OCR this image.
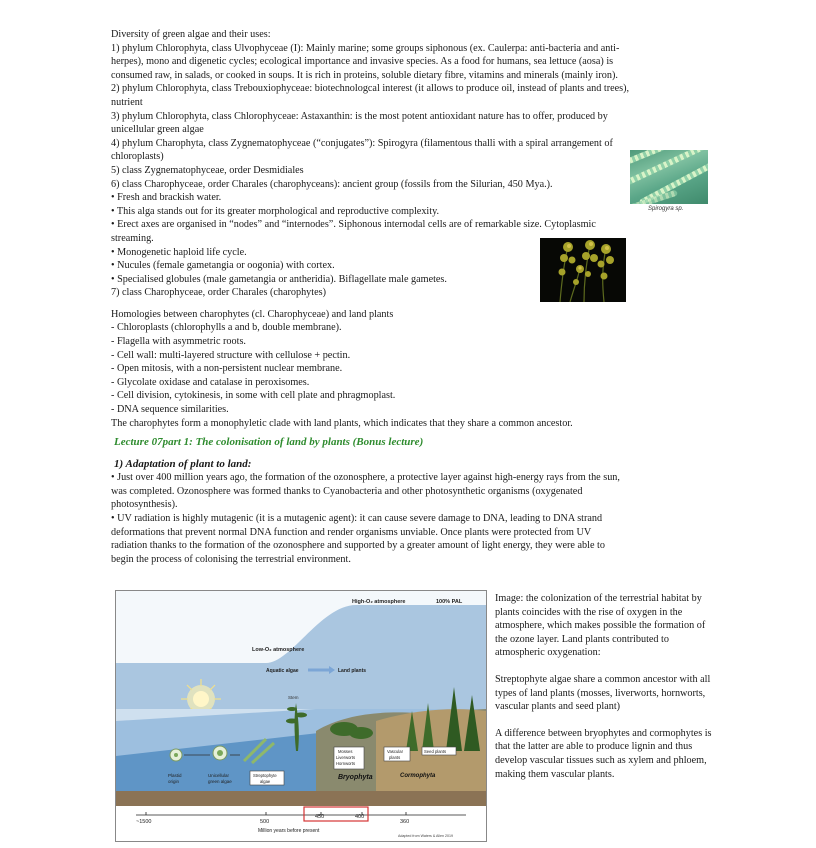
Diversity of green algae and their uses:

1) phylum Chlorophyta, class Ulvophyceae (I): Mainly marine; some groups siphonous (ex. Caulerpa: anti-bacteria and anti-

herpes), mono and digenetic cycles; ecological importance and invasive species. As a food for humans, sea lettuce (aosa) is

consumed raw, in salads, or cooked in soups. It is rich in proteins, soluble dietary fibre, vitamins and minerals (mainly iron).

2) phylum Chlorophyta, class Trebouxiophyceae: biotechnologcal interest (it allows to produce oil, instead of plants and trees),

nutrient

3) phylum Chlorophyta, class Chlorophyceae: Astaxanthin: is the most potent antioxidant nature has to offer, produced by

unicellular green algae

4) phylum Charophyta, class Zygnematophyceae (“conjugates”): Spirogyra (filamentous thalli with a spiral arrangement of

chloroplasts)

5) class Zygnematophyceae, order Desmidiales

6) class Charophyceae, order Charales (charophyceans): ancient group (fossils from the Silurian, 450 Mya.).

• Fresh and brackish water.

• This alga stands out for its greater morphological and reproductive complexity.

• Erect axes are organised in “nodes” and “internodes”. Siphonous internodal cells are of remarkable size. Cytoplasmic

streaming.

• Monogenetic haploid life cycle.

• Nucules (female gametangia or oogonia) with cortex.

• Specialised globules (male gametangia or antheridia). Biflagellate male gametes.

7) class Charophyceae, order Charales (charophytes)

Homologies between charophytes (cl. Charophyceae) and land plants

- Chloroplasts (chlorophylls a and b, double membrane).

- Flagella with asymmetric roots.

- Cell wall: multi-layered structure with cellulose + pectin.

- Open mitosis, with a non-persistent nuclear membrane.

- Glycolate oxidase and catalase in peroxisomes.

- Cell division, cytokinesis, in some with cell plate and phragmoplast.

- DNA sequence similarities.

The charophytes form a monophyletic clade with land plants, which indicates that they share a common ancestor.

Lecture 07part 1: The colonisation of land by plants (Bonus lecture)

1) Adaptation of plant to land:

• Just over 400 million years ago, the formation of the ozonosphere, a protective layer against high-energy rays from the sun,

was completed. Ozonosphere was formed thanks to Cyanobacteria and other photosynthetic organisms (oxygenated

photosynthesis).

• UV radiation is highly mutagenic (it is a mutagenic agent): it can cause severe damage to DNA, leading to DNA strand

deformations that prevent normal DNA function and render organisms unviable. Once plants were protected from UV

radiation thanks to the formation of the ozonosphere and supported by a greater amount of light energy, they were able to

begin the process of colonising the terrestrial environment.

Spirogyra sp.
High-O₂ atmosphere	100% PAL
Low-O₂ atmosphere
Aquatic algae	Land plants
Stem
Plastid origin
Unicellular green algae
Streptophyte algae
Mosses Liverworts Hornworts
Vascular plants
Seed plants
Bryophyta	Cormophyta
~1500	500
450	400
360
Million years before present
Adapted from Waters & Allen 2019

Image: the colonization of the terrestrial habitat by plants coincides with the rise of oxygen in the atmosphere, which makes possible the formation of the ozone layer. Land plants contributed to atmospheric oxygenation:

Streptophyte algae share a common ancestor with all types of land plants (mosses, liverworts, hornworts, vascular plants and seed plant)

A difference between bryophytes and cormophytes is that the latter are able to produce lignin and thus develop vascular tissues such as xylem and phloem, making them vascular plants.
